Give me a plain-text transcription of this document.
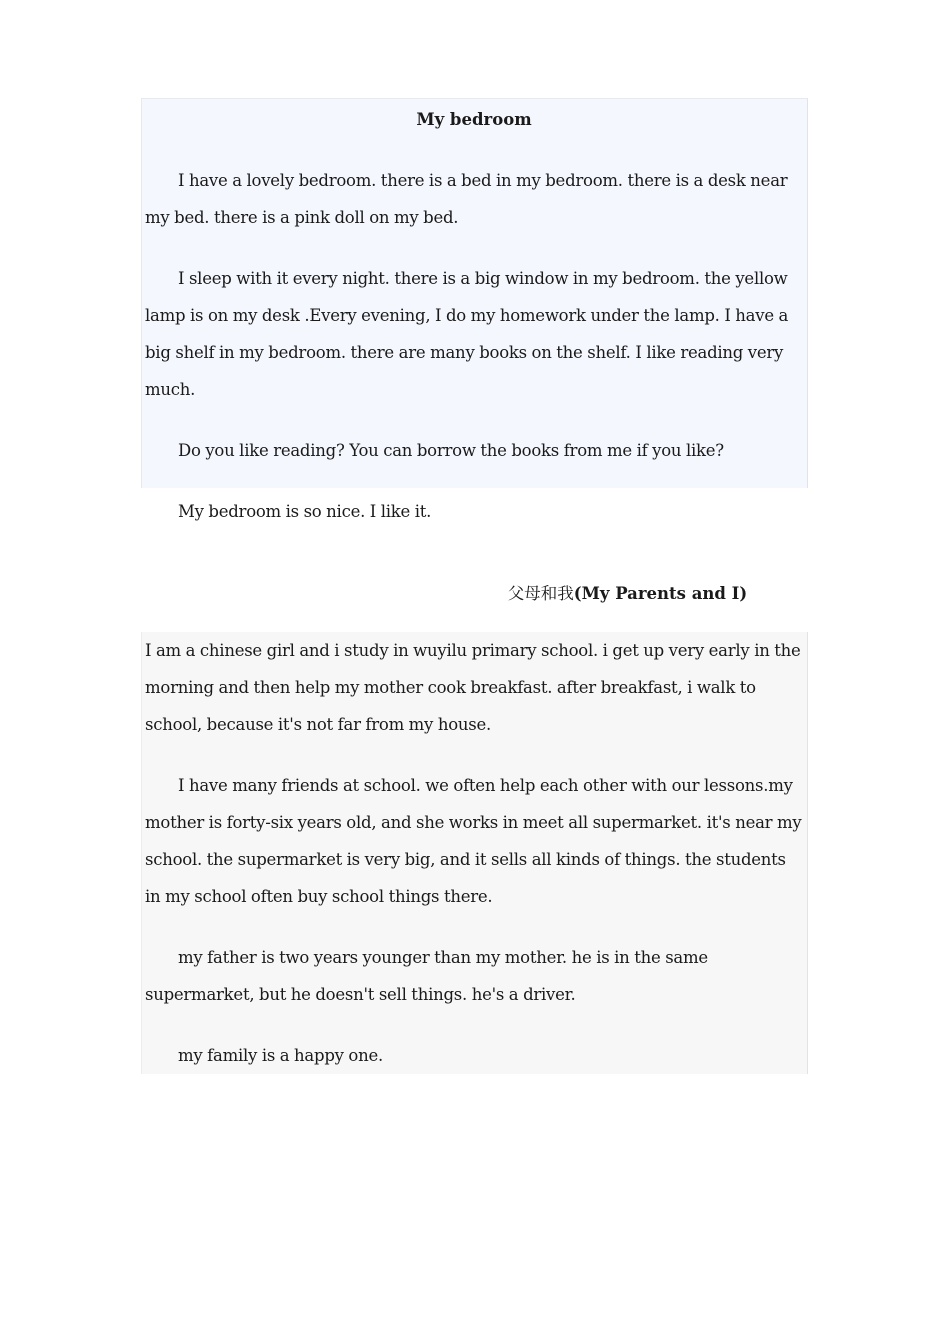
My bedroom

I have a lovely bedroom. there is a bed in my bedroom. there is a desk near my bed. there is a pink doll on my bed.

I sleep with it every night. there is a big window in my bedroom. the yellow lamp is on my desk .Every evening, I do my homework under the lamp. I have a big shelf in my bedroom. there are many books on the shelf. I like reading very much.

Do you like reading? You can borrow the books from me if you like?

My bedroom is so nice. I like it.

父母和我(My Parents and I)

I am a chinese girl and i study in wuyilu primary school. i get up very early in the morning and then help my mother cook breakfast. after breakfast, i walk to school, because it's not far from my house.

I have many friends at school. we often help each other with our lessons.my mother is forty-six years old, and she works in meet all supermarket. it's near my school. the supermarket is very big, and it sells all kinds of things. the students in my school often buy school things there.

my father is two years younger than my mother. he is in the same supermarket, but he doesn't sell things. he's a driver.

my family is a happy one.
